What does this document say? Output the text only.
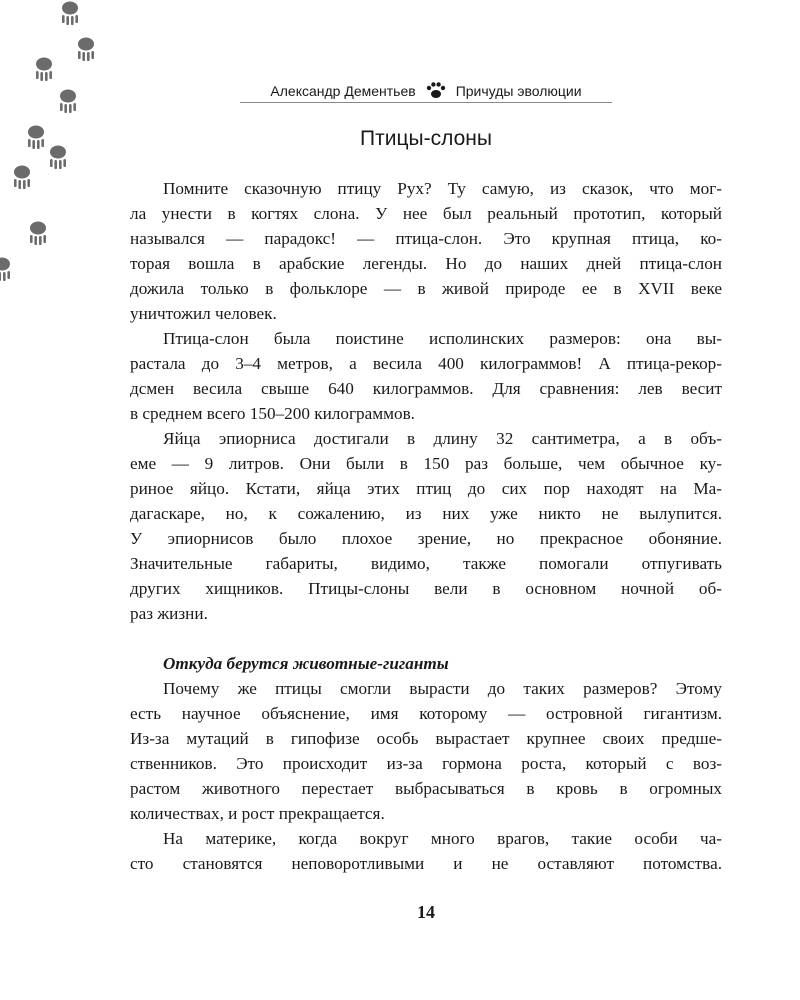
Александр Дементьев	Причуды эволюции
Птицы-слоны

Помните сказочную птицу Рух? Ту самую, из сказок, что мог-

ла унести в когтях слона. У нее был реальный прототип, который

назывался — парадокс! — птица-слон. Это крупная птица, ко-

торая вошла в арабские легенды. Но до наших дней птица-слон

дожила только в фольклоре — в живой природе ее в XVII веке

уничтожил человек.

Птица-слон была поистине исполинских размеров: она вы-

растала до 3–4 метров, а весила 400 килограммов! А птица-рекор-

дсмен весила свыше 640 килограммов. Для сравнения: лев весит

в среднем всего 150–200 килограммов.

Яйца эпиорниса достигали в длину 32 сантиметра, а в объ-

еме — 9 литров. Они были в 150 раз больше, чем обычное ку-

риное яйцо. Кстати, яйца этих птиц до сих пор находят на Ма-

дагаскаре, но, к сожалению, из них уже никто не вылупится.

У эпиорнисов было плохое зрение, но прекрасное обоняние.

Значительные габариты, видимо, также помогали отпугивать

других хищников. Птицы-слоны вели в основном ночной об-

раз жизни.

Откуда берутся животные-гиганты

Почему же птицы смогли вырасти до таких размеров? Этому

есть научное объяснение, имя которому — островной гигантизм.

Из-за мутаций в гипофизе особь вырастает крупнее своих предше-

ственников. Это происходит из-за гормона роста, который с воз-

растом животного перестает выбрасываться в кровь в огромных

количествах, и рост прекращается.

На материке, когда вокруг много врагов, такие особи ча-

сто становятся неповоротливыми и не оставляют потомства.

14
